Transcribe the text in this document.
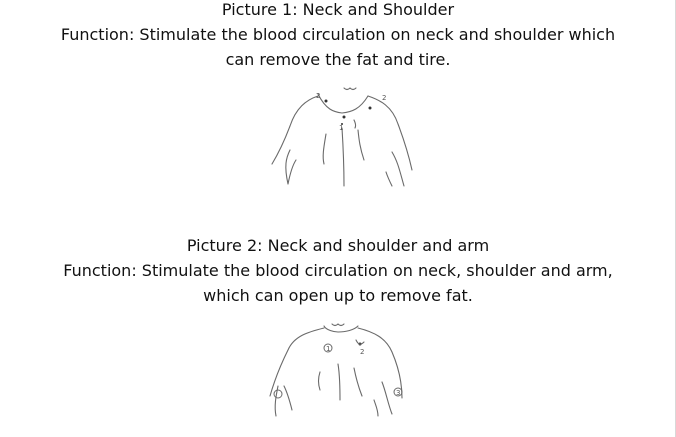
Picture 1: Neck and Shoulder
Function: Stimulate the blood circulation on neck and shoulder which
can remove the fat and tire.
2
1
2
Picture 2: Neck and shoulder and arm
Function: Stimulate the blood circulation on neck, shoulder and arm,
which can open up to remove fat.
1	2
3
